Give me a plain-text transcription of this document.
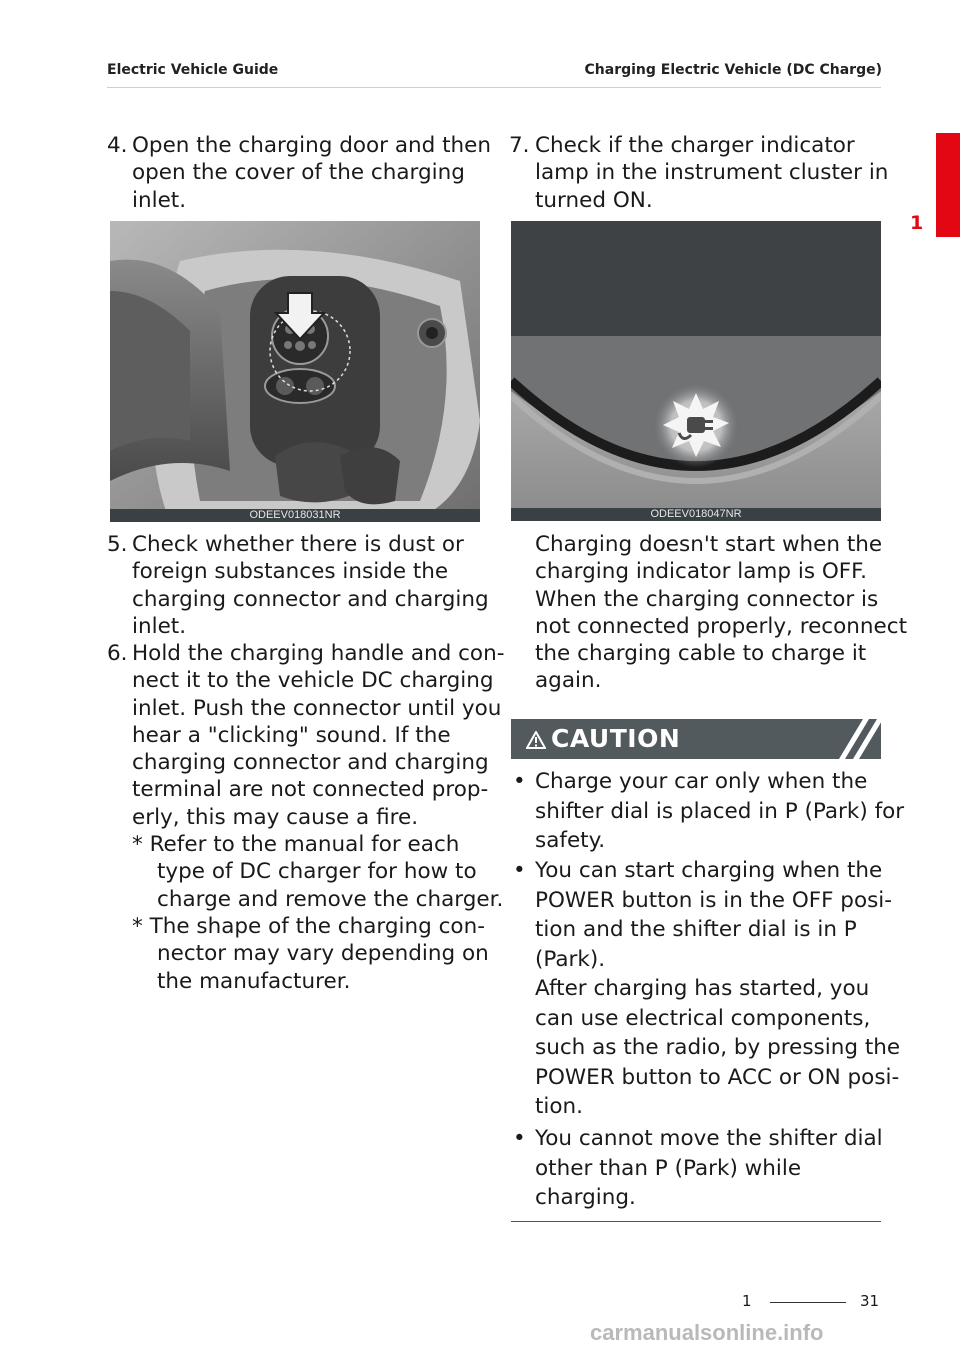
Electric Vehicle Guide	Charging Electric Vehicle (DC Charge)
1
4. Open the charging door and then
open the cover of the charging
inlet.
ODEEV018031NR
5. Check whether there is dust or
foreign substances inside the
charging connector and charging
inlet.
6. Hold the charging handle and con-
nect it to the vehicle DC charging
inlet. Push the connector until you
hear a "clicking" sound. If the
charging connector and charging
terminal are not connected prop-
erly, this may cause a fire.
* Refer to the manual for each
type of DC charger for how to
charge and remove the charger.
* The shape of the charging con-
nector may vary depending on
the manufacturer.
7. Check if the charger indicator
lamp in the instrument cluster in
turned ON.
ODEEV018047NR
Charging doesn't start when the
charging indicator lamp is OFF.
When the charging connector is
not connected properly, reconnect
the charging cable to charge it
again.
CAUTION
• Charge your car only when the
shifter dial is placed in P (Park) for
safety.
• You can start charging when the
POWER button is in the OFF posi-
tion and the shifter dial is in P
(Park).
After charging has started, you
can use electrical components,
such as the radio, by pressing the
POWER button to ACC or ON posi-
tion.
• You cannot move the shifter dial
other than P (Park) while
charging.
1	31
carmanualsonline.info
